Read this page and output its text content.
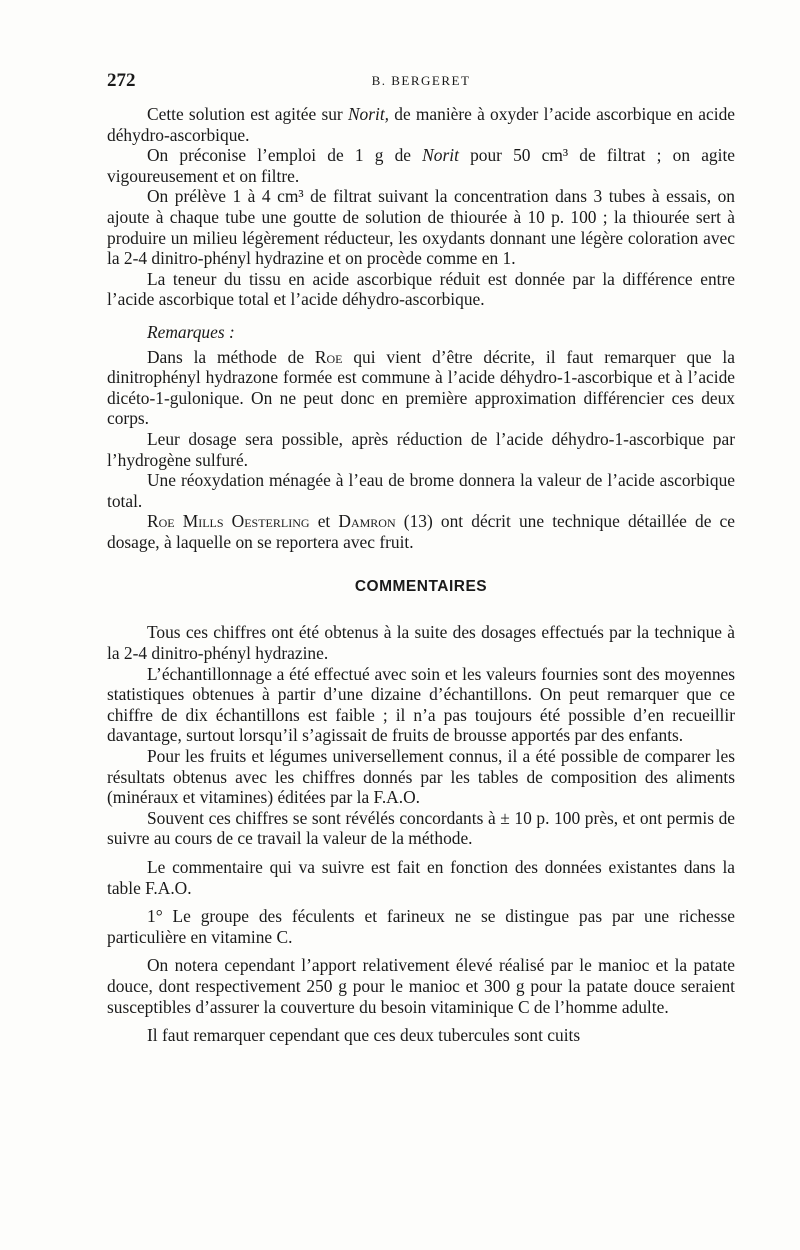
272	B. BERGERET

Cette solution est agitée sur Norit, de manière à oxyder l’acide ascorbique en acide déhydro-ascorbique.

On préconise l’emploi de 1 g de Norit pour 50 cm³ de filtrat ; on agite vigoureusement et on filtre.

On prélève 1 à 4 cm³ de filtrat suivant la concentration dans 3 tubes à essais, on ajoute à chaque tube une goutte de solution de thiourée à 10 p. 100 ; la thiourée sert à produire un milieu légèrement réducteur, les oxydants donnant une légère coloration avec la 2-4 dinitro-phényl hydrazine et on procède comme en 1.

La teneur du tissu en acide ascorbique réduit est donnée par la différence entre l’acide ascorbique total et l’acide déhydro-ascorbique.

Remarques :

Dans la méthode de Roe qui vient d’être décrite, il faut remarquer que la dinitrophényl hydrazone formée est commune à l’acide déhydro-1-ascorbique et à l’acide dicéto-1-gulonique. On ne peut donc en première approximation différencier ces deux corps.

Leur dosage sera possible, après réduction de l’acide déhydro-1-ascorbique par l’hydrogène sulfuré.

Une réoxydation ménagée à l’eau de brome donnera la valeur de l’acide ascorbique total.

Roe Mills Oesterling et Damron (13) ont décrit une technique détaillée de ce dosage, à laquelle on se reportera avec fruit.

COMMENTAIRES

Tous ces chiffres ont été obtenus à la suite des dosages effectués par la technique à la 2-4 dinitro-phényl hydrazine.

L’échantillonnage a été effectué avec soin et les valeurs fournies sont des moyennes statistiques obtenues à partir d’une dizaine d’échantillons. On peut remarquer que ce chiffre de dix échantillons est faible ; il n’a pas toujours été possible d’en recueillir davantage, surtout lorsqu’il s’agissait de fruits de brousse apportés par des enfants.

Pour les fruits et légumes universellement connus, il a été possible de comparer les résultats obtenus avec les chiffres donnés par les tables de composition des aliments (minéraux et vitamines) éditées par la F.A.O.

Souvent ces chiffres se sont révélés concordants à ± 10 p. 100 près, et ont permis de suivre au cours de ce travail la valeur de la méthode.

Le commentaire qui va suivre est fait en fonction des données existantes dans la table F.A.O.

1° Le groupe des féculents et farineux ne se distingue pas par une richesse particulière en vitamine C.

On notera cependant l’apport relativement élevé réalisé par le manioc et la patate douce, dont respectivement 250 g pour le manioc et 300 g pour la patate douce seraient susceptibles d’assurer la couverture du besoin vitaminique C de l’homme adulte.

Il faut remarquer cependant que ces deux tubercules sont cuits
